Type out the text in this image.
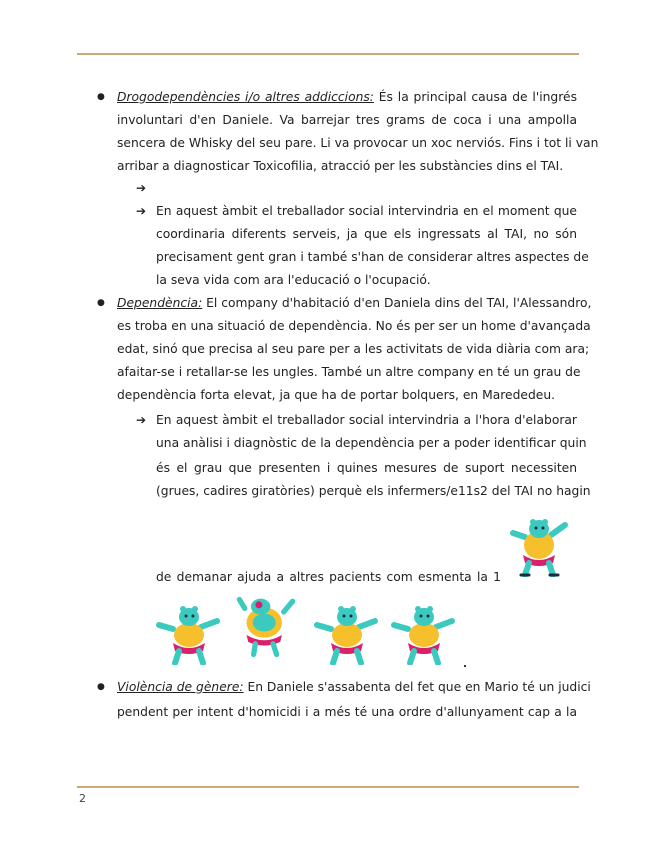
● Drogodependències i/o altres addiccions: És la principal causa de l'ingrés
involuntari d'en Daniele. Va barrejar tres grams de coca i una ampolla
sencera de Whisky del seu pare. Li va provocar un xoc nerviós. Fins i tot li van
arribar a diagnosticar Toxicofilia, atracció per les substàncies dins el TAI.
➔
➔ En aquest àmbit el treballador social intervindria en el moment que
coordinaria diferents serveis, ja que els ingressats al TAI, no són
precisament gent gran i també s'han de considerar altres aspectes de
la seva vida com ara l'educació o l'ocupació.
● Dependència: El company d'habitació d'en Daniela dins del TAI, l'Alessandro,
es troba en una situació de dependència. No és per ser un home d'avançada
edat, sinó que precisa al seu pare per a les activitats de vida diària com ara;
afaitar-se i retallar-se les ungles. També un altre company en té un grau de
dependència forta elevat, ja que ha de portar bolquers, en Marededeu.
➔ En aquest àmbit el treballador social intervindria a l'hora d'elaborar
una anàlisi i diagnòstic de la dependència per a poder identificar quin
és el grau que presenten i quines mesures de suport necessiten
(grues, cadires giratòries) perquè els infermers/e11s2 del TAI no hagin
de demanar ajuda a altres pacients com esmenta la 1
● Violència de gènere: En Daniele s'assabenta del fet que en Mario té un judici
pendent per intent d'homicidi i a més té una ordre d'allunyament cap a la
2
